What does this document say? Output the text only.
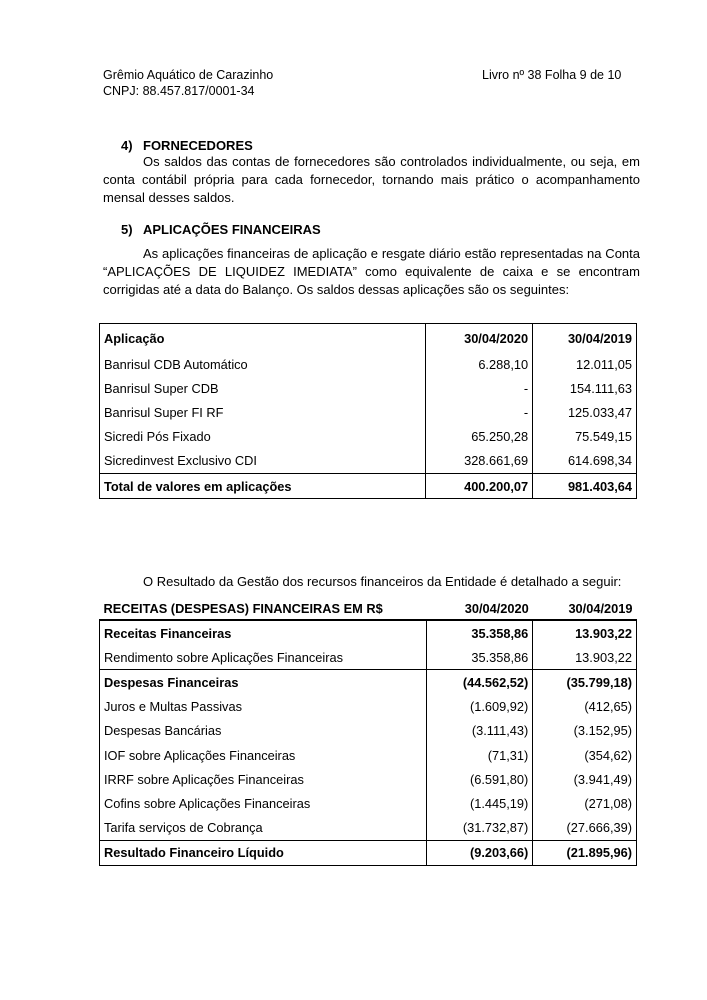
Grêmio Aquático de Carazinho
CNPJ: 88.457.817/0001-34
Livro nº 38 Folha 9 de 10
4) FORNECEDORES
Os saldos das contas de fornecedores são controlados individualmente, ou seja, em conta contábil própria para cada fornecedor, tornando mais prático o acompanhamento mensal desses saldos.
5) APLICAÇÕES FINANCEIRAS
As aplicações financeiras de aplicação e resgate diário estão representadas na Conta “APLICAÇÕES DE LIQUIDEZ IMEDIATA” como equivalente de caixa e se encontram corrigidas até a data do Balanço. Os saldos dessas aplicações são os seguintes:
Aplicação	30/04/2020	30/04/2019
Banrisul CDB Automático	6.288,10	12.011,05
Banrisul Super CDB	-	154.111,63
Banrisul Super FI RF	-	125.033,47
Sicredi Pós Fixado	65.250,28	75.549,15
Sicredinvest Exclusivo CDI	328.661,69	614.698,34
Total de valores em aplicações	400.200,07	981.403,64
O Resultado da Gestão dos recursos financeiros da Entidade é detalhado a seguir:
RECEITAS (DESPESAS) FINANCEIRAS EM R$	30/04/2020	30/04/2019
Receitas Financeiras	35.358,86	13.903,22
Rendimento sobre Aplicações Financeiras	35.358,86	13.903,22
Despesas Financeiras	(44.562,52)	(35.799,18)
Juros e Multas Passivas	(1.609,92)	(412,65)
Despesas Bancárias	(3.111,43)	(3.152,95)
IOF sobre Aplicações Financeiras	(71,31)	(354,62)
IRRF sobre Aplicações Financeiras	(6.591,80)	(3.941,49)
Cofins sobre Aplicações Financeiras	(1.445,19)	(271,08)
Tarifa serviços de Cobrança	(31.732,87)	(27.666,39)
Resultado Financeiro Líquido	(9.203,66)	(21.895,96)
